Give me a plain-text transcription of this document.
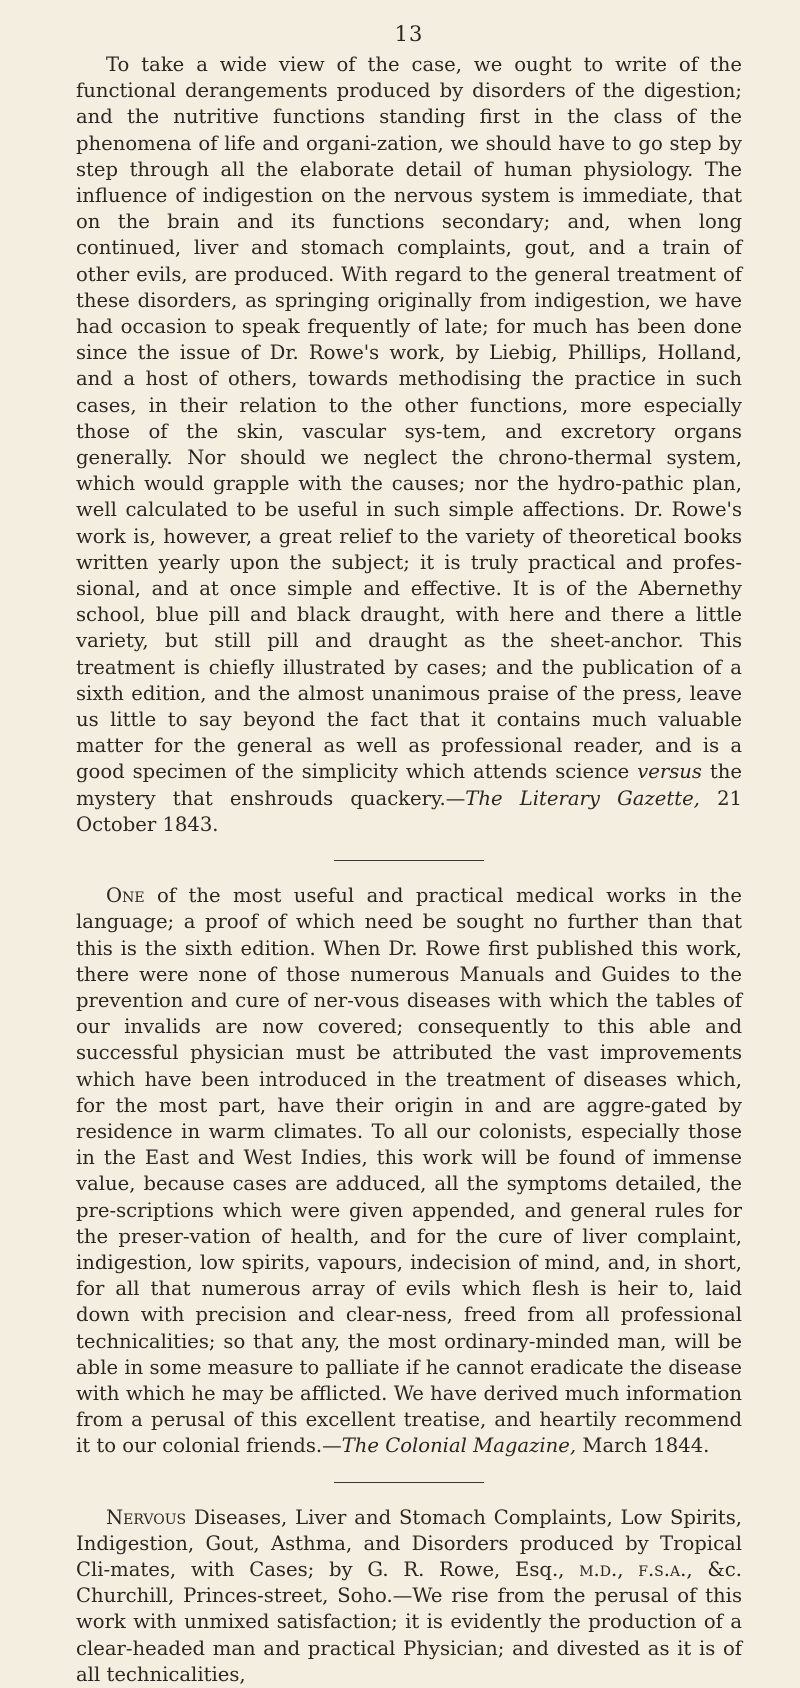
13

To take a wide view of the case, we ought to write of the functional derangements produced by disorders of the digestion; and the nutritive functions standing first in the class of the phenomena of life and organi-zation, we should have to go step by step through all the elaborate detail of human physiology. The influence of indigestion on the nervous system is immediate, that on the brain and its functions secondary; and, when long continued, liver and stomach complaints, gout, and a train of other evils, are produced. With regard to the general treatment of these disorders, as springing originally from indigestion, we have had occasion to speak frequently of late; for much has been done since the issue of Dr. Rowe's work, by Liebig, Phillips, Holland, and a host of others, towards methodising the practice in such cases, in their relation to the other functions, more especially those of the skin, vascular sys-tem, and excretory organs generally. Nor should we neglect the chrono-thermal system, which would grapple with the causes; nor the hydro-pathic plan, well calculated to be useful in such simple affections. Dr. Rowe's work is, however, a great relief to the variety of theoretical books written yearly upon the subject; it is truly practical and profes-sional, and at once simple and effective. It is of the Abernethy school, blue pill and black draught, with here and there a little variety, but still pill and draught as the sheet-anchor. This treatment is chiefly illustrated by cases; and the publication of a sixth edition, and the almost unanimous praise of the press, leave us little to say beyond the fact that it contains much valuable matter for the general as well as professional reader, and is a good specimen of the simplicity which attends science versus the mystery that enshrouds quackery.—The Literary Gazette, 21 October 1843.

One of the most useful and practical medical works in the language; a proof of which need be sought no further than that this is the sixth edition. When Dr. Rowe first published this work, there were none of those numerous Manuals and Guides to the prevention and cure of ner-vous diseases with which the tables of our invalids are now covered; consequently to this able and successful physician must be attributed the vast improvements which have been introduced in the treatment of diseases which, for the most part, have their origin in and are aggre-gated by residence in warm climates. To all our colonists, especially those in the East and West Indies, this work will be found of immense value, because cases are adduced, all the symptoms detailed, the pre-scriptions which were given appended, and general rules for the preser-vation of health, and for the cure of liver complaint, indigestion, low spirits, vapours, indecision of mind, and, in short, for all that numerous array of evils which flesh is heir to, laid down with precision and clear-ness, freed from all professional technicalities; so that any, the most ordinary-minded man, will be able in some measure to palliate if he cannot eradicate the disease with which he may be afflicted. We have derived much information from a perusal of this excellent treatise, and heartily recommend it to our colonial friends.—The Colonial Magazine, March 1844.

Nervous Diseases, Liver and Stomach Complaints, Low Spirits, Indigestion, Gout, Asthma, and Disorders produced by Tropical Cli-mates, with Cases; by G. R. Rowe, Esq., m.d., f.s.a., &c. Churchill, Princes-street, Soho.—We rise from the perusal of this work with unmixed satisfaction; it is evidently the production of a clear-headed man and practical Physician; and divested as it is of all technicalities,
